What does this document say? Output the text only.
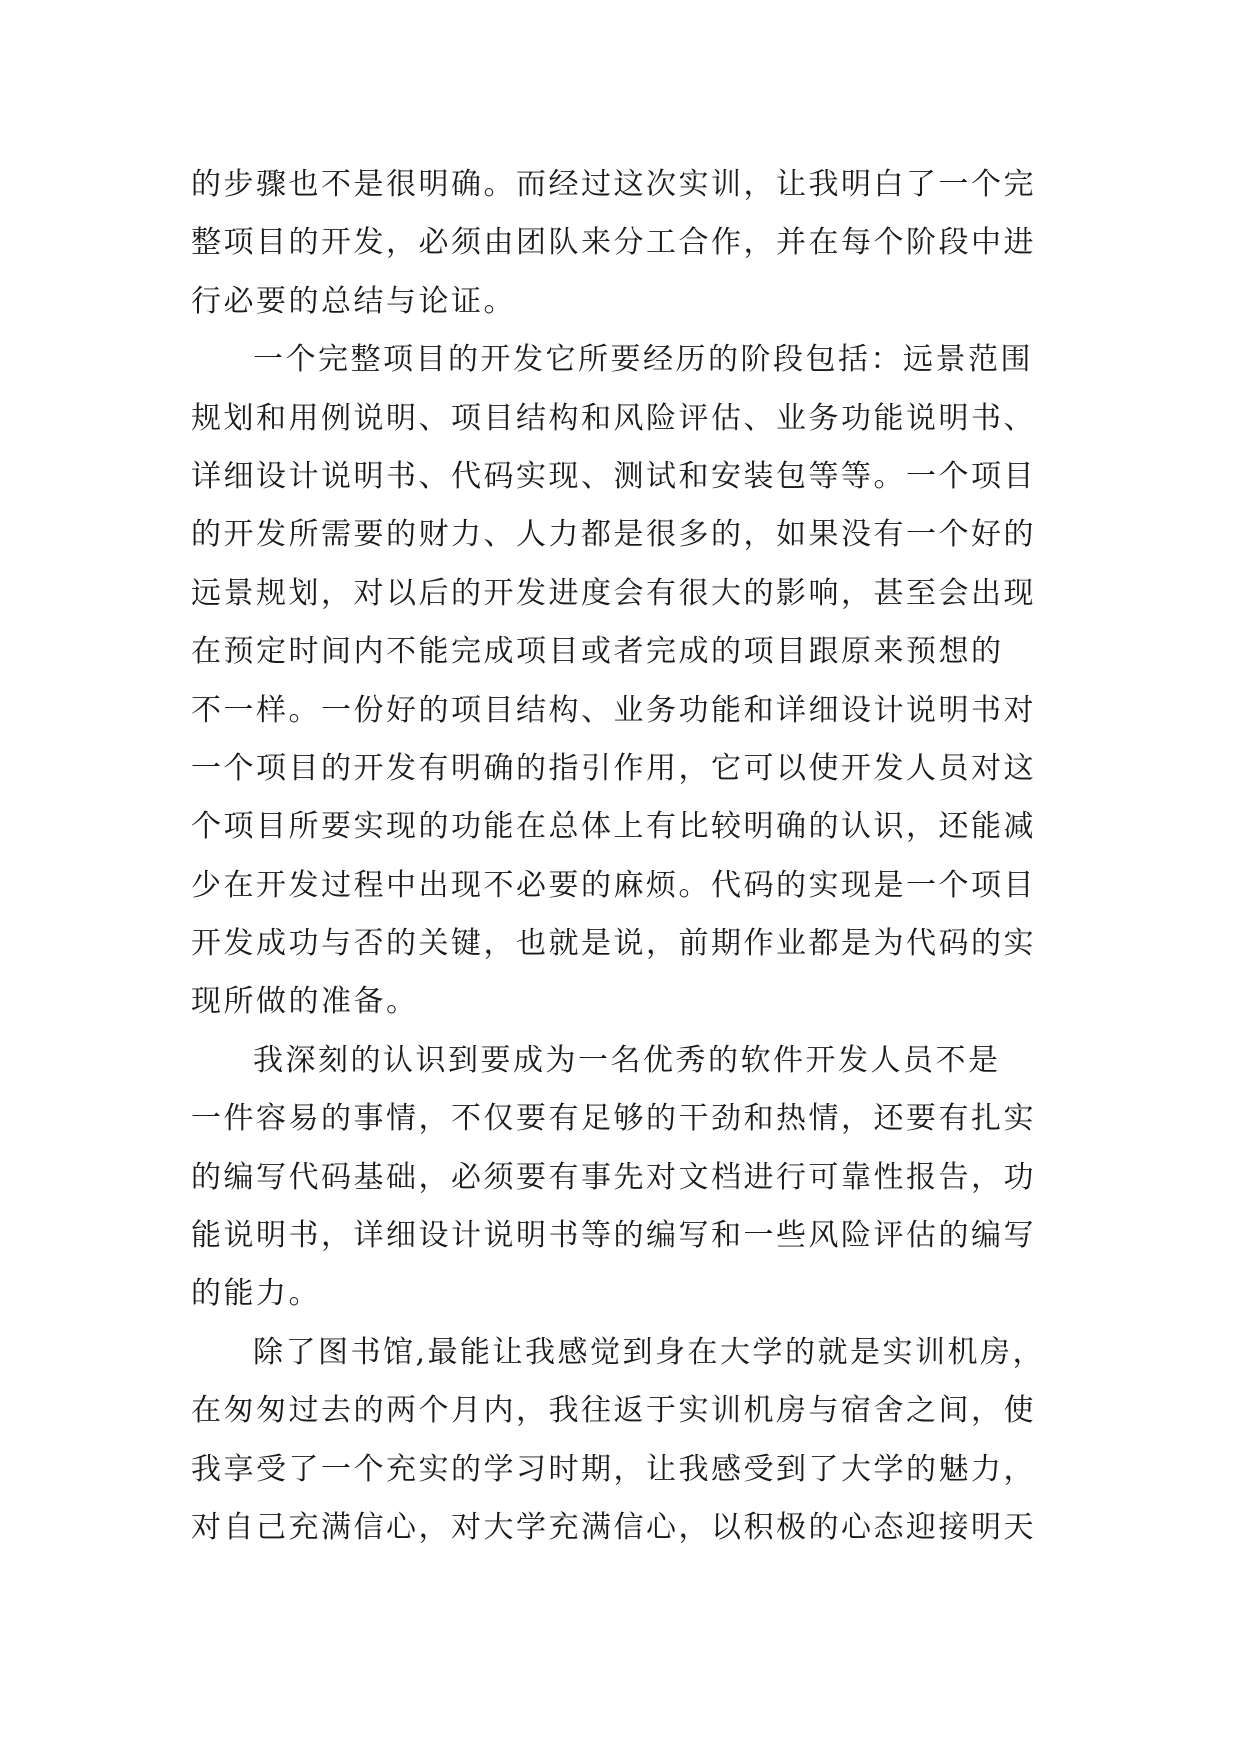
的步骤也不是很明确。而经过这次实训，让我明白了一个完
整项目的开发，必须由团队来分工合作，并在每个阶段中进
行必要的总结与论证。
一个完整项目的开发它所要经历的阶段包括：远景范围
规划和用例说明、项目结构和风险评估、业务功能说明书、
详细设计说明书、代码实现、测试和安装包等等。一个项目
的开发所需要的财力、人力都是很多的，如果没有一个好的
远景规划，对以后的开发进度会有很大的影响，甚至会出现
在预定时间内不能完成项目或者完成的项目跟原来预想的
不一样。一份好的项目结构、业务功能和详细设计说明书对
一个项目的开发有明确的指引作用，它可以使开发人员对这
个项目所要实现的功能在总体上有比较明确的认识，还能减
少在开发过程中出现不必要的麻烦。代码的实现是一个项目
开发成功与否的关键，也就是说，前期作业都是为代码的实
现所做的准备。
我深刻的认识到要成为一名优秀的软件开发人员不是
一件容易的事情，不仅要有足够的干劲和热情，还要有扎实
的编写代码基础，必须要有事先对文档进行可靠性报告，功
能说明书，详细设计说明书等的编写和一些风险评估的编写
的能力。
除了图书馆,最能让我感觉到身在大学的就是实训机房，
在匆匆过去的两个月内，我往返于实训机房与宿舍之间，使
我享受了一个充实的学习时期，让我感受到了大学的魅力，
对自己充满信心，对大学充满信心，以积极的心态迎接明天
